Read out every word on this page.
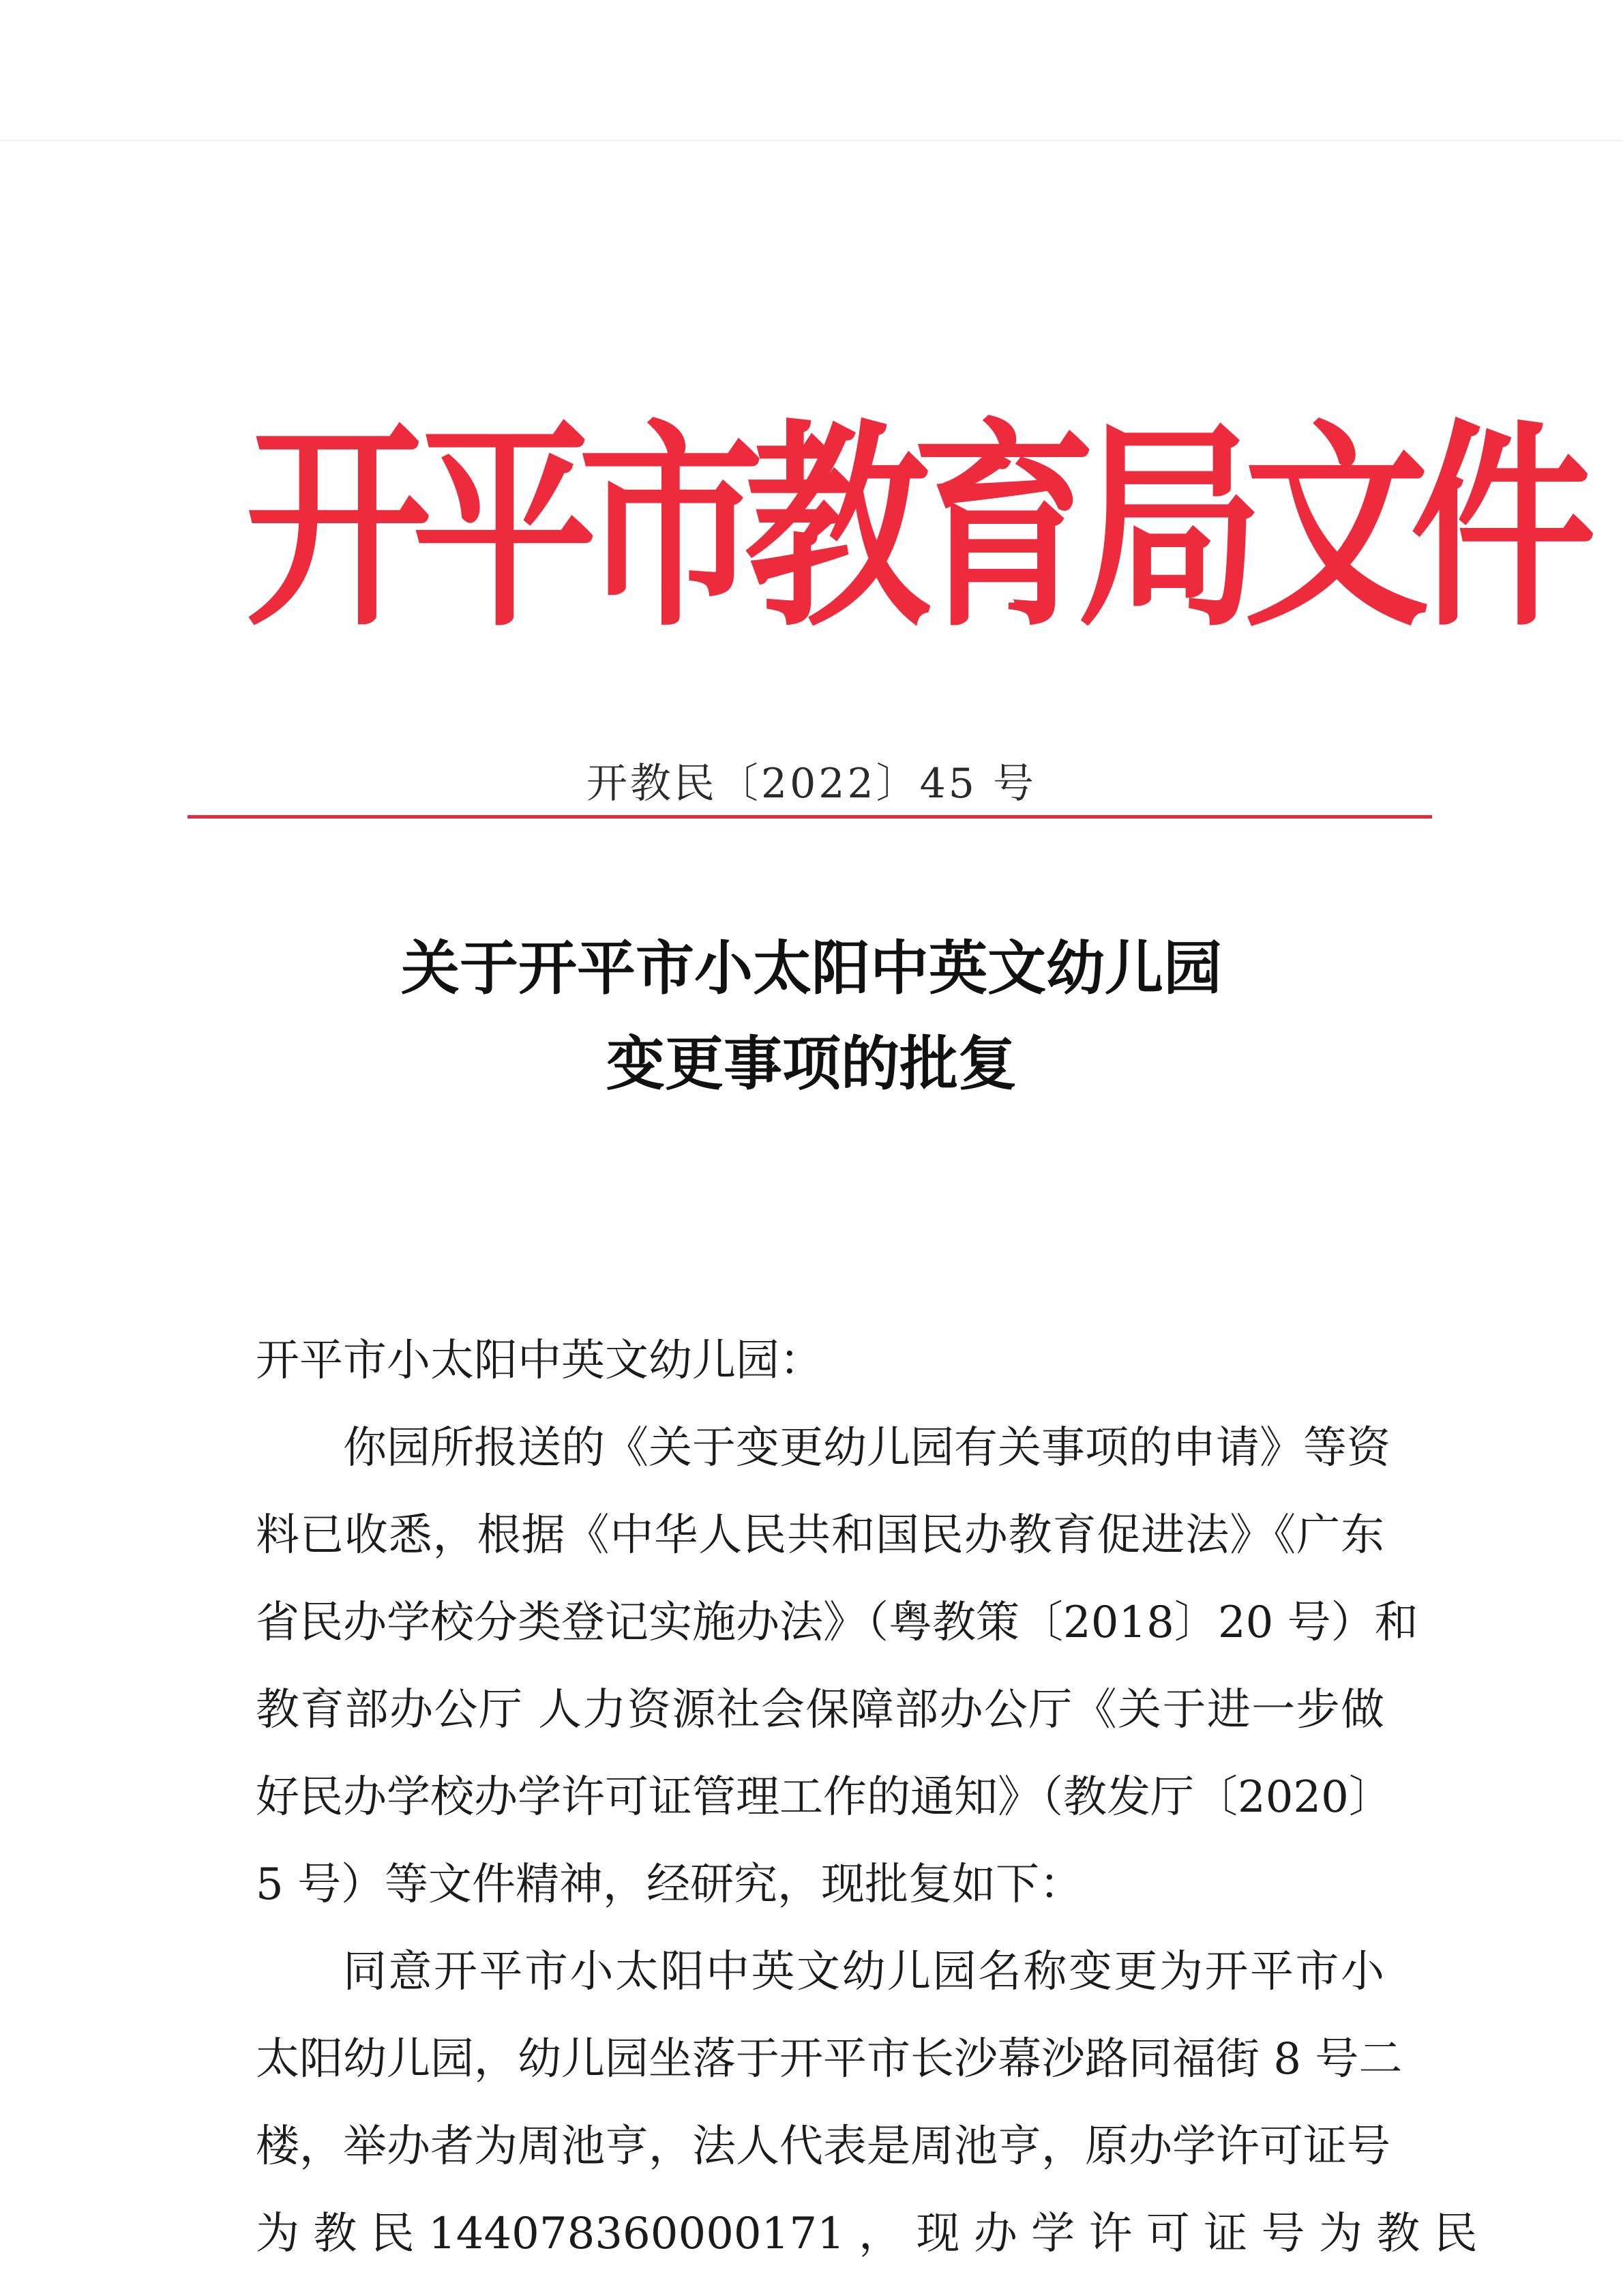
开平市教育局文件
开教民〔2022〕45 号
关于开平市小太阳中英文幼儿园
变更事项的批复
开平市小太阳中英文幼儿园：
你园所报送的《关于变更幼儿园有关事项的申请》等资
料已收悉，根据《中华人民共和国民办教育促进法》《广东
省民办学校分类登记实施办法》（粤教策〔2018〕20 号）和
教育部办公厅 人力资源社会保障部办公厅《关于进一步做
好民办学校办学许可证管理工作的通知》（教发厅〔2020〕
5 号）等文件精神，经研究，现批复如下：
同意开平市小太阳中英文幼儿园名称变更为开平市小
太阳幼儿园，幼儿园坐落于开平市长沙幕沙路同福街 8 号二
楼，举办者为周池亨，法人代表是周池亨，原办学许可证号
为 教 民 144078360000171 ， 现 办 学 许 可 证 号 为 教 民
